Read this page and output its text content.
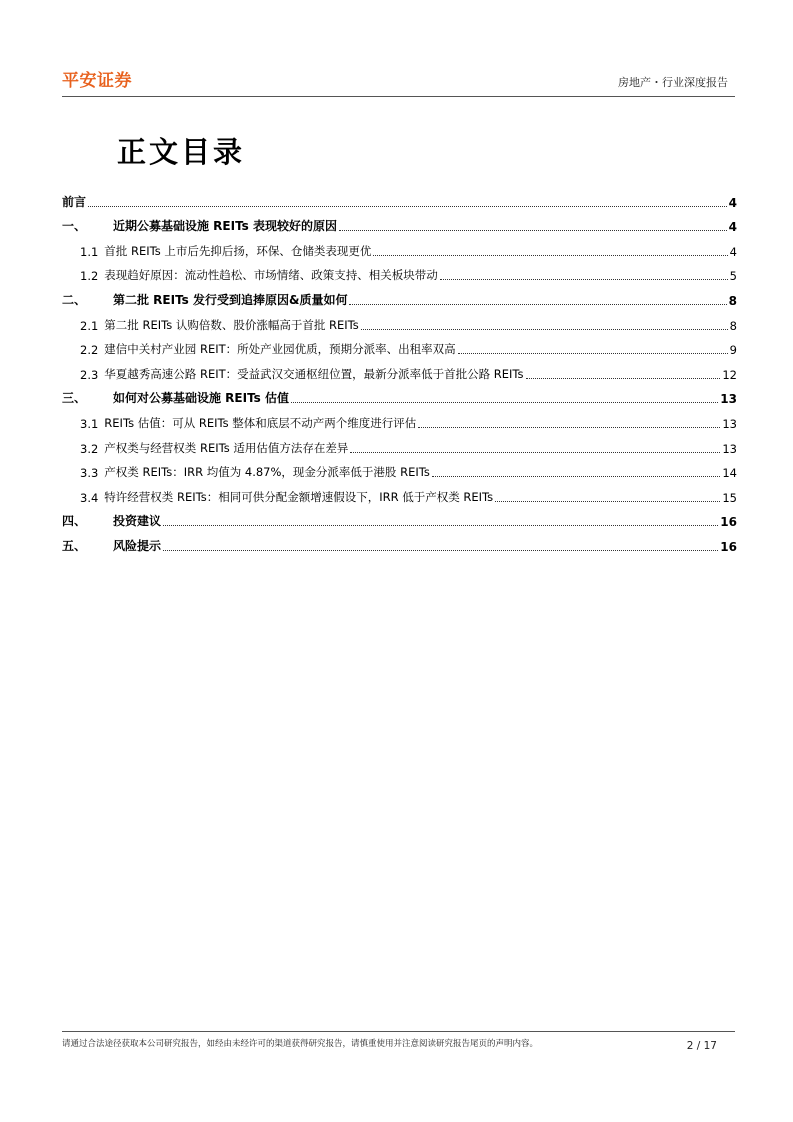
平安证券	房地产・行业深度报告
正文目录
前言	4
一、	近期公募基础设施 REITs 表现较好的原因	4
1.1 首批 REITs 上市后先抑后扬，环保、仓储类表现更优	4
1.2 表现趋好原因：流动性趋松、市场情绪、政策支持、相关板块带动	5
二、	第二批 REITs 发行受到追捧原因&质量如何	8
2.1 第二批 REITs 认购倍数、股价涨幅高于首批 REITs	8
2.2 建信中关村产业园 REIT：所处产业园优质，预期分派率、出租率双高	9
2.3 华夏越秀高速公路 REIT：受益武汉交通枢纽位置，最新分派率低于首批公路 REITs	12
三、	如何对公募基础设施 REITs 估值	13
3.1 REITs 估值：可从 REITs 整体和底层不动产两个维度进行评估	13
3.2 产权类与经营权类 REITs 适用估值方法存在差异	13
3.3 产权类 REITs：IRR 均值为 4.87%，现金分派率低于港股 REITs	14
3.4 特许经营权类 REITs：相同可供分配金额增速假设下，IRR 低于产权类 REITs	15
四、	投资建议	16
五、	风险提示	16
请通过合法途径获取本公司研究报告，如经由未经许可的渠道获得研究报告，请慎重使用并注意阅读研究报告尾页的声明内容。	2 / 17
